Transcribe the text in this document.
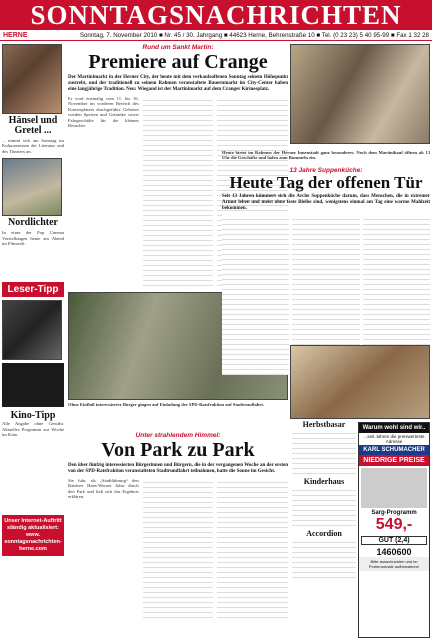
SONNTAGSNACHRICHTEN
HERNE	Sonntag, 7. November 2010 ■ Nr. 45 / 30. Jahrgang ■ 44623 Herne, Behrenstraße 10 ■ Tel. (0 23 23) 5 40 95-99 ■ Fax 1 32 28
Hänsel und Gretel ...
... nimmt sich am Sonntag im Kulturzentrum der Literatur und des Theaters an.
Nordlichter
In einer der Pop Cinema Vorstellungen heute am Abend im Filmwelt.
Leser-Tipp
Kino-Tipp
Alle Angabe ohne Gewähr. Aktuelles Programm zur Woche im Kino.
Unser Internet-Auftritt ständig aktualisiert: www. sonntagsnachrichten-herne.com
Rund um Sankt Martin:
Premiere auf Crange
Der Martinimarkt in der Herner City, der heute mit dem verkaufsoffenen Sonntag seinem Höhepunkt zustrebt, und der traditionell zu seinem Rahmen veranstaltete Bauernmarkt im City-Center haben eine langjährige Tradition. Neu: Wiegand ist der Martinimarkt auf dem Cranger Kirmesplatz.
Er wird erstmalig vom 11. bis 16. November im vorderen Bereich des Kirmesplatzes durchgeführt. Geboten werden Speisen und Getränke sowie Fahrgeschäfte für die kleinen Besucher.
Ohne Einfluß interessierter Bürger gingen auf Einladung der SPD-Ratsfraktion auf Stadtrundfahrt.
Heute bietet im Rahmen der Herner Innenstadt ganz besonderes: Noch dem Martinikauf öffnen ab 13 Uhr die Geschäfte und laden zum Bummeln ein.
13 Jahre Suppenküche:
Heute Tag der offenen Tür
Seit 13 Jahren kümmert sich die Arche Suppenküche darum, dass Menschen, die in extremer Armut leben und meist ohne feste Bleibe sind, wenigstens einmal am Tag eine warme Mahlzeit bekommen.
Unter strahlendem Himmel:
Von Park zu Park
Den über fünfzig interessierten Bürgerinnen und Bürgern, die in der vergangenen Woche an der ersten von der SPD-Ratsfraktion veranstalteten Stadtrundfahrt teilnahmen, hatte die Sonne im Gesicht.
Sie fuhr, als „Stadtführung“ den Ratsherr Hans-Werner Jobst durch den Park und ließ sich das Ergebnis erklären.
Herbstbasar
Kinderhaus
Accordion
Warum wohl sind wir..
...seit Jahren die preiswerteste Adresse
KARL SCHUMACHER
NIEDRIGE PREISE
Sarg-Programm
549,-
GUT (2,4)
1460600
Bitte ausschneiden und im Portemonnaie aufbewahren!
